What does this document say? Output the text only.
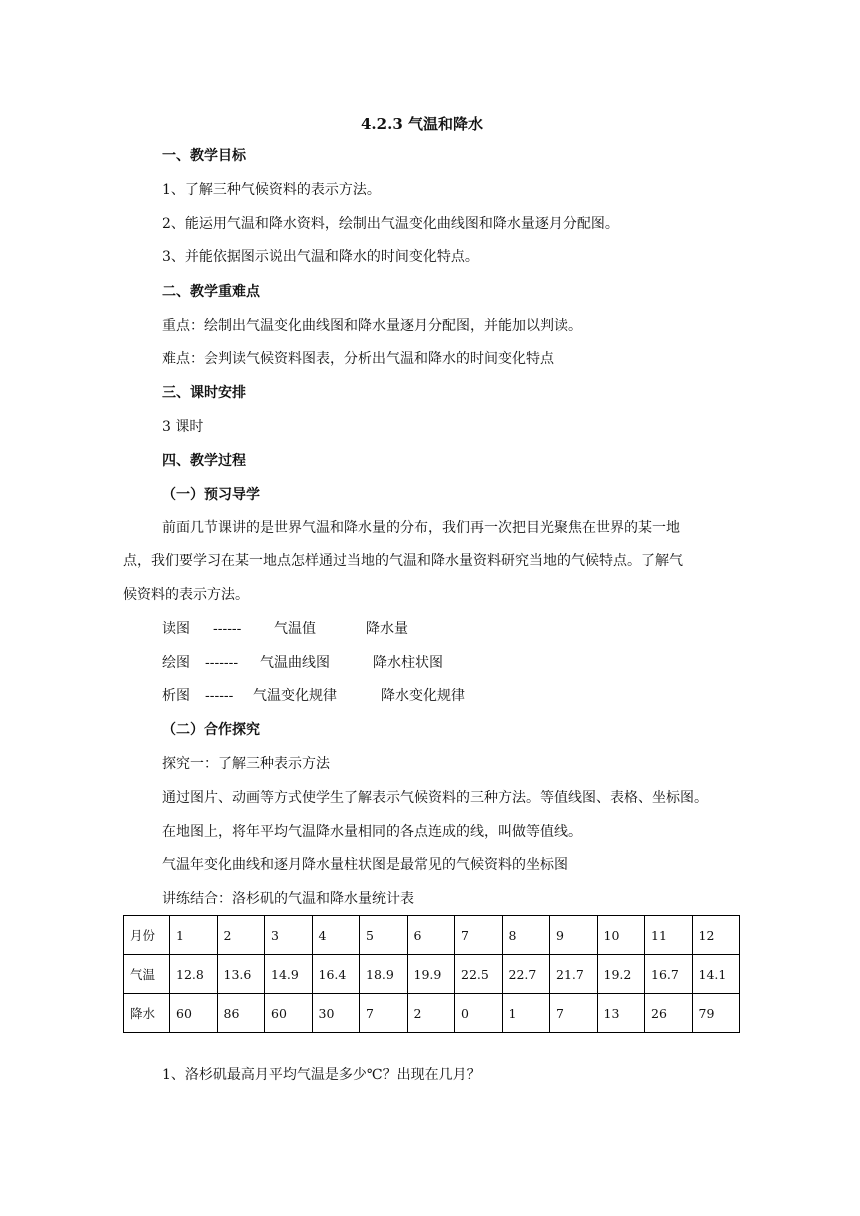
4.2.3 气温和降水
一、教学目标
1、了解三种气候资料的表示方法。
2、能运用气温和降水资料，绘制出气温变化曲线图和降水量逐月分配图。
3、并能依据图示说出气温和降水的时间变化特点。
二、教学重难点
重点：绘制出气温变化曲线图和降水量逐月分配图，并能加以判读。
难点：会判读气候资料图表，分析出气温和降水的时间变化特点
三、课时安排
3 课时
四、教学过程
（一）预习导学
前面几节课讲的是世界气温和降水量的分布，我们再一次把目光聚焦在世界的某一地
点，我们要学习在某一地点怎样通过当地的气温和降水量资料研究当地的气候特点。了解气
候资料的表示方法。
读图 ------ 气温值	降水量
绘图 ------- 气温曲线图	降水柱状图
析图 ------ 气温变化规律	降水变化规律
（二）合作探究
探究一：了解三种表示方法
通过图片、动画等方式使学生了解表示气候资料的三种方法。等值线图、表格、坐标图。
在地图上，将年平均气温降水量相同的各点连成的线，叫做等值线。
气温年变化曲线和逐月降水量柱状图是最常见的气候资料的坐标图
讲练结合：洛杉矶的气温和降水量统计表
月份	1	2	3	4	5	6	7	8	9	10	11	12
气温	12.8	13.6	14.9	16.4	18.9	19.9	22.5	22.7	21.7	19.2	16.7	14.1
降水	60	86	60	30	7	2	0	1	7	13	26	79
1、洛杉矶最高月平均气温是多少℃？出现在几月？
